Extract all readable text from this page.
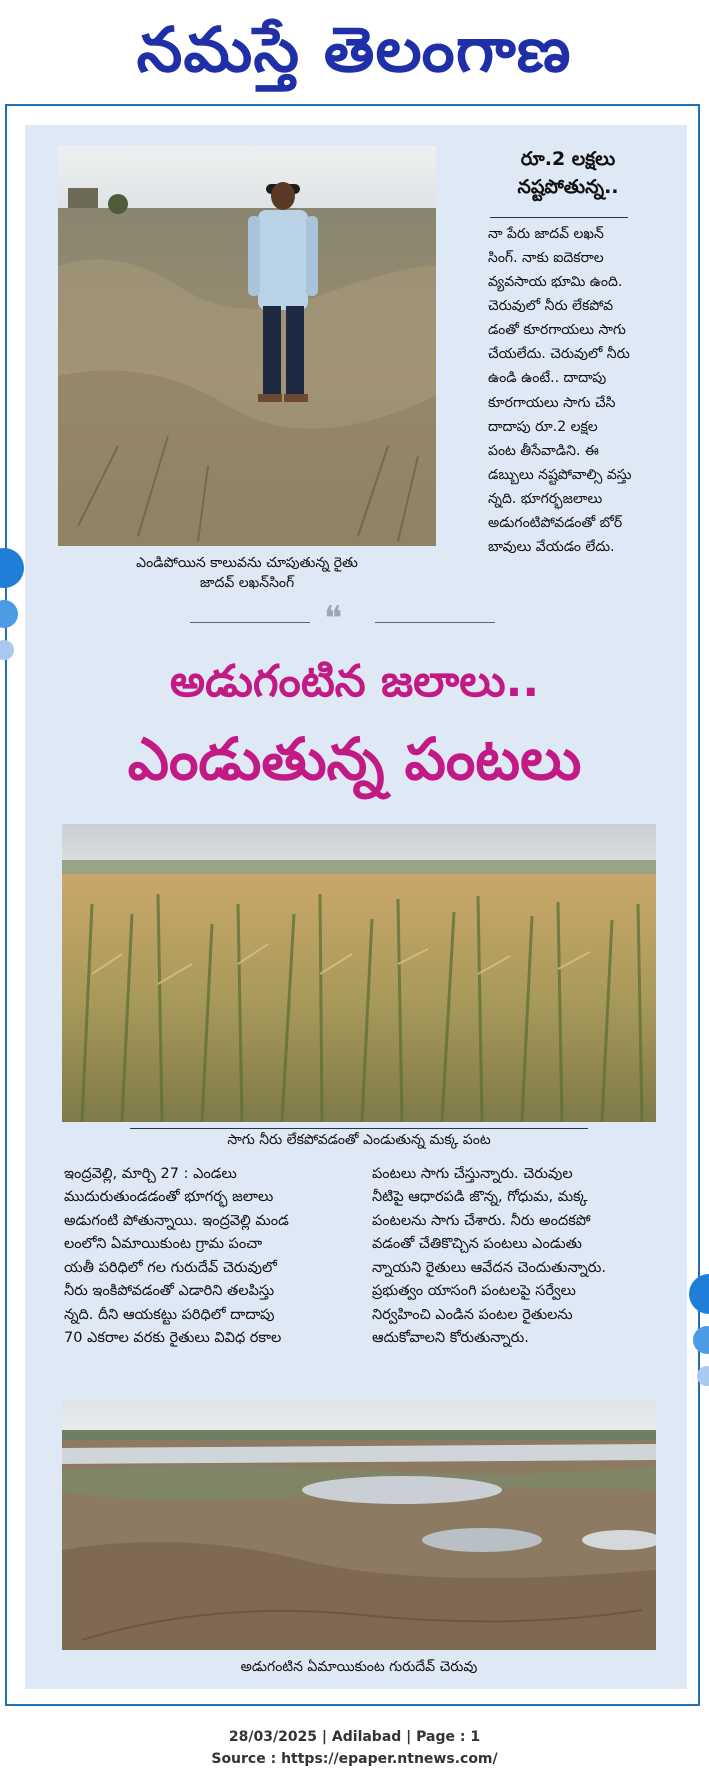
నమస్తే తెలంగాణ
ఎండిపోయిన కాలువను చూపుతున్న రైతు
జాదవ్ లఖన్‌సింగ్
రూ.2 లక్షలు
నష్టపోతున్న..
నా పేరు జాదవ్ లఖన్
సింగ్. నాకు ఐదెకరాల
వ్యవసాయ భూమి ఉంది.
చెరువులో నీరు లేకపోవ
డంతో కూరగాయలు సాగు
చేయలేదు. చెరువులో నీరు
ఉండి ఉంటే.. దాదాపు
కూరగాయలు సాగు చేసి
దాదాపు రూ.2 లక్షల
పంట తీసేవాడిని. ఈ
డబ్బులు నష్టపోవాల్సి వస్తు
న్నది. భూగర్భజలాలు
అడుగంటిపోవడంతో బోర్
బావులు వేయడం లేదు.
❝
అడుగంటిన జలాలు..
ఎండుతున్న పంటలు
సాగు నీరు లేకపోవడంతో ఎండుతున్న మక్క పంట
ఇంద్రవెల్లి, మార్చి 27 : ఎండలు
ముదురుతుండడంతో భూగర్భ జలాలు
అడుగంటి పోతున్నాయి. ఇంద్రవెల్లి మండ
లంలోని ఏమాయికుంట గ్రామ పంచా
యతీ పరిధిలో గల గురుదేవ్ చెరువులో
నీరు ఇంకిపోవడంతో ఎడారిని తలపిస్తు
న్నది. దీని ఆయకట్టు పరిధిలో దాదాపు
70 ఎకరాల వరకు రైతులు వివిధ రకాల
పంటలు సాగు చేస్తున్నారు. చెరువుల
నీటిపై ఆధారపడి జొన్న, గోధుమ, మక్క
పంటలను సాగు చేశారు. నీరు అందకపో
వడంతో చేతికొచ్చిన పంటలు ఎండుతు
న్నాయని రైతులు ఆవేదన చెందుతున్నారు.
ప్రభుత్వం యాసంగి పంటలపై సర్వేలు
నిర్వహించి ఎండిన పంటల రైతులను
ఆదుకోవాలని కోరుతున్నారు.
అడుగంటిన ఏమాయికుంట గురుదేవ్ చెరువు
28/03/2025 | Adilabad | Page : 1
Source : https://epaper.ntnews.com/
